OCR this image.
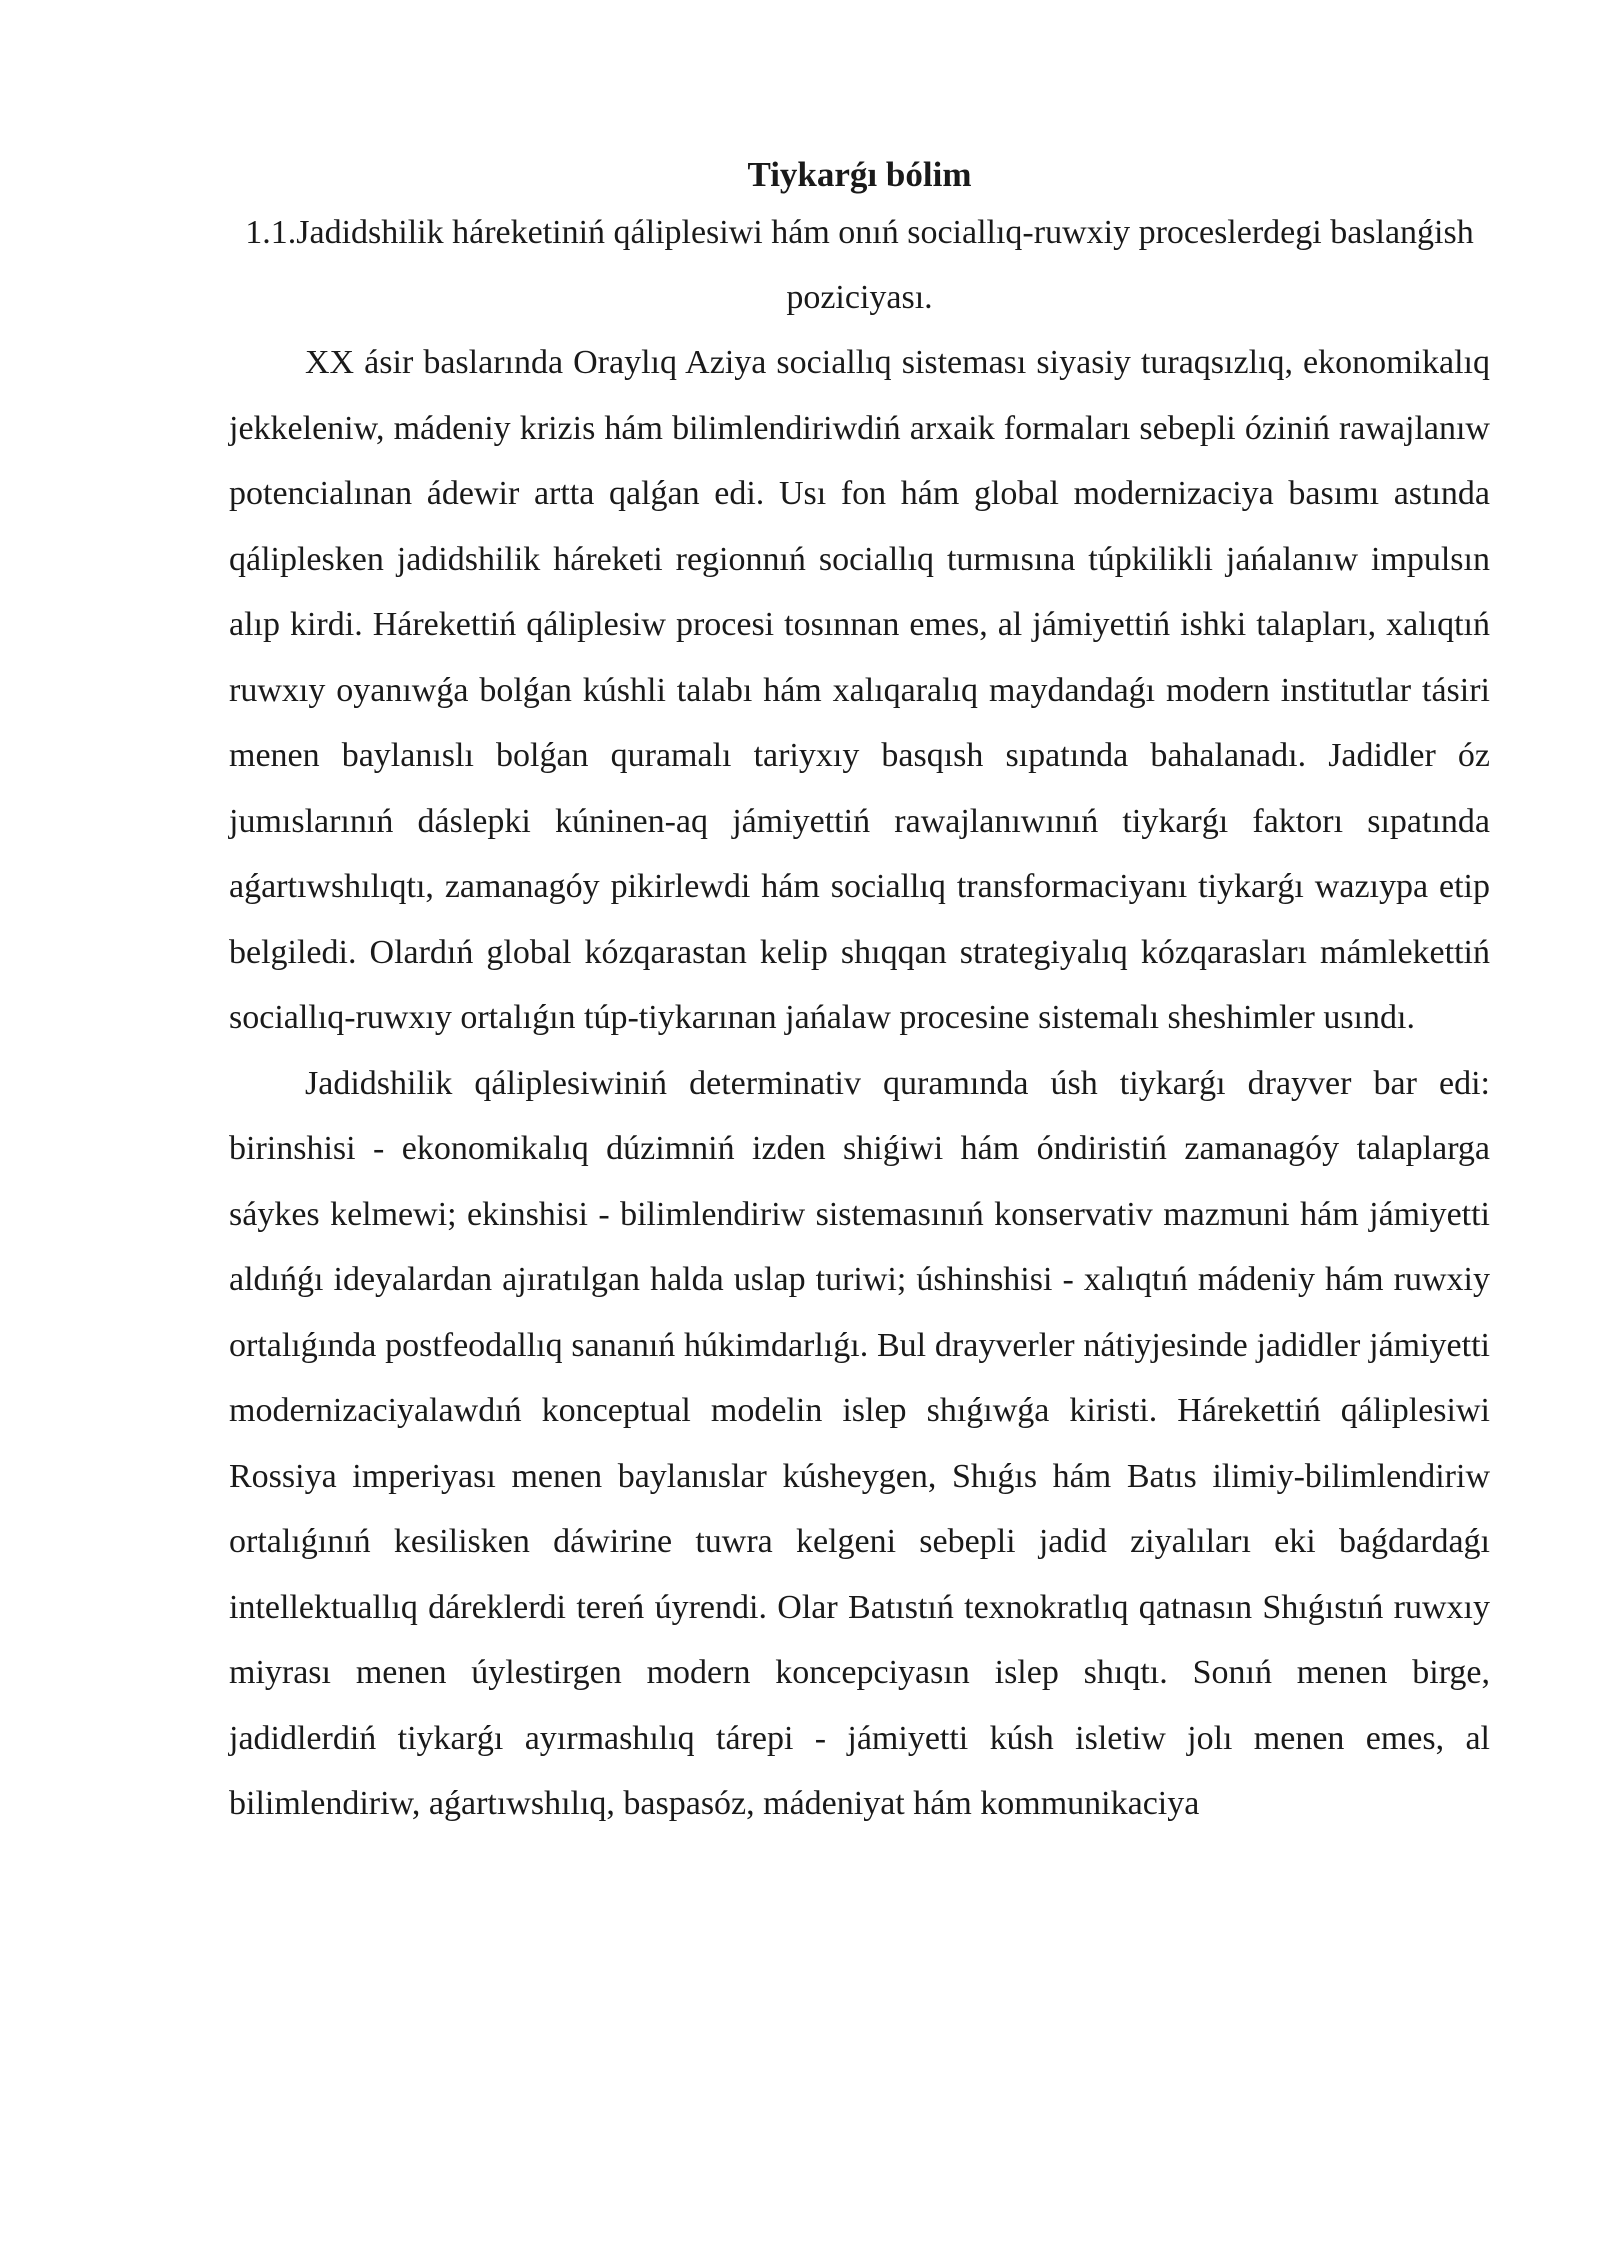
Tiykarǵı bólim

1.1.Jadidshilik háreketiniń qáliplesiwi hám onıń sociallıq-ruwxiy proceslerdegi baslanǵish poziciyası.

XX ásir baslarında Oraylıq Aziya sociallıq sisteması siyasiy turaqsızlıq, ekonomikalıq jekkeleniw, mádeniy krizis hám bilimlendiriwdiń arxaik formaları sebepli óziniń rawajlanıw potencialınan ádewir artta qalǵan edi. Usı fon hám global modernizaciya basımı astında qáliplesken jadidshilik háreketi regionnıń sociallıq turmısına túpkilikli jańalanıw impulsın alıp kirdi. Hárekettiń qáliplesiw procesi tosınnan emes, al jámiyettiń ishki talapları, xalıqtıń ruwxıy oyanıwǵa bolǵan kúshli talabı hám xalıqaralıq maydandaǵı modern institutlar tásiri menen baylanıslı bolǵan quramalı tariyxıy basqısh sıpatında bahalanadı. Jadidler óz jumıslarınıń dáslepki kúninen-aq jámiyettiń rawajlanıwınıń tiykarǵı faktorı sıpatında aǵartıwshılıqtı, zamanagóy pikirlewdi hám sociallıq transformaciyanı tiykarǵı wazıypa etip belgiledi. Olardıń global kózqarastan kelip shıqqan strategiyalıq kózqarasları mámlekettiń sociallıq-ruwxıy ortalıǵın túp-tiykarınan jańalaw procesine sistemalı sheshimler usındı.

Jadidshilik qáliplesiwiniń determinativ quramında úsh tiykarǵı drayver bar edi: birinshisi - ekonomikalıq dúzimniń izden shiǵiwi hám óndiristiń zamanagóy talaplarga sáykes kelmewi; ekinshisi - bilimlendiriw sistemasınıń konservativ mazmuni hám jámiyetti aldıńǵı ideyalardan ajıratılgan halda uslap turiwi; úshinshisi - xalıqtıń mádeniy hám ruwxiy ortalıǵında postfeodallıq sananıń húkimdarlıǵı. Bul drayverler nátiyjesinde jadidler jámiyetti modernizaciyalawdıń konceptual modelin islep shıǵıwǵa kiristi. Hárekettiń qáliplesiwi Rossiya imperiyası menen baylanıslar kúsheygen, Shıǵıs hám Batıs ilimiy-bilimlendiriw ortalıǵınıń kesilisken dáwirine tuwra kelgeni sebepli jadid ziyalıları eki baǵdardaǵı intellektuallıq dáreklerdi tereń úyrendi. Olar Batıstıń texnokratlıq qatnasın Shıǵıstıń ruwxıy miyrası menen úylestirgen modern koncepciyasın islep shıqtı. Sonıń menen birge, jadidlerdiń tiykarǵı ayırmashılıq tárepi - jámiyetti kúsh isletiw jolı menen emes, al bilimlendiriw, aǵartıwshılıq, baspasóz, mádeniyat hám kommunikaciya
